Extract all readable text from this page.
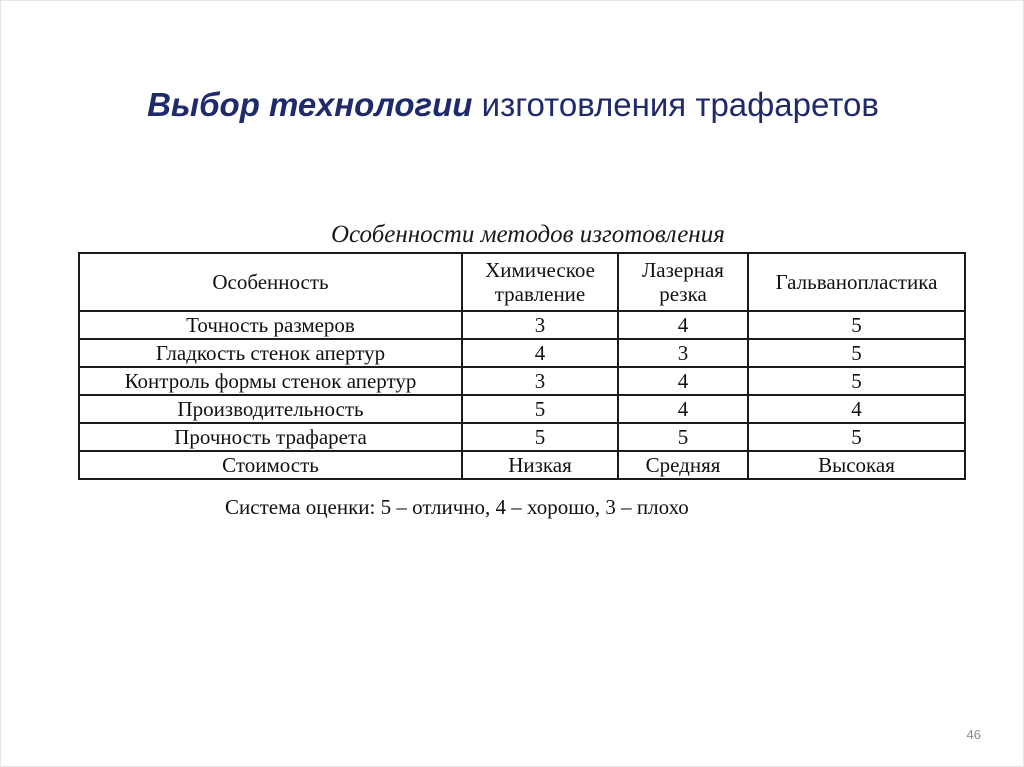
Выбор технологии изготовления трафаретов
Особенности методов изготовления
Особенность	Химическое травление	Лазерная резка	Гальванопластика
Точность размеров	3	4	5
Гладкость стенок апертур	4	3	5
Контроль формы стенок апертур	3	4	5
Производительность	5	4	4
Прочность трафарета	5	5	5
Стоимость	Низкая	Средняя	Высокая
Система оценки: 5 – отлично, 4 – хорошо, 3 – плохо
46
